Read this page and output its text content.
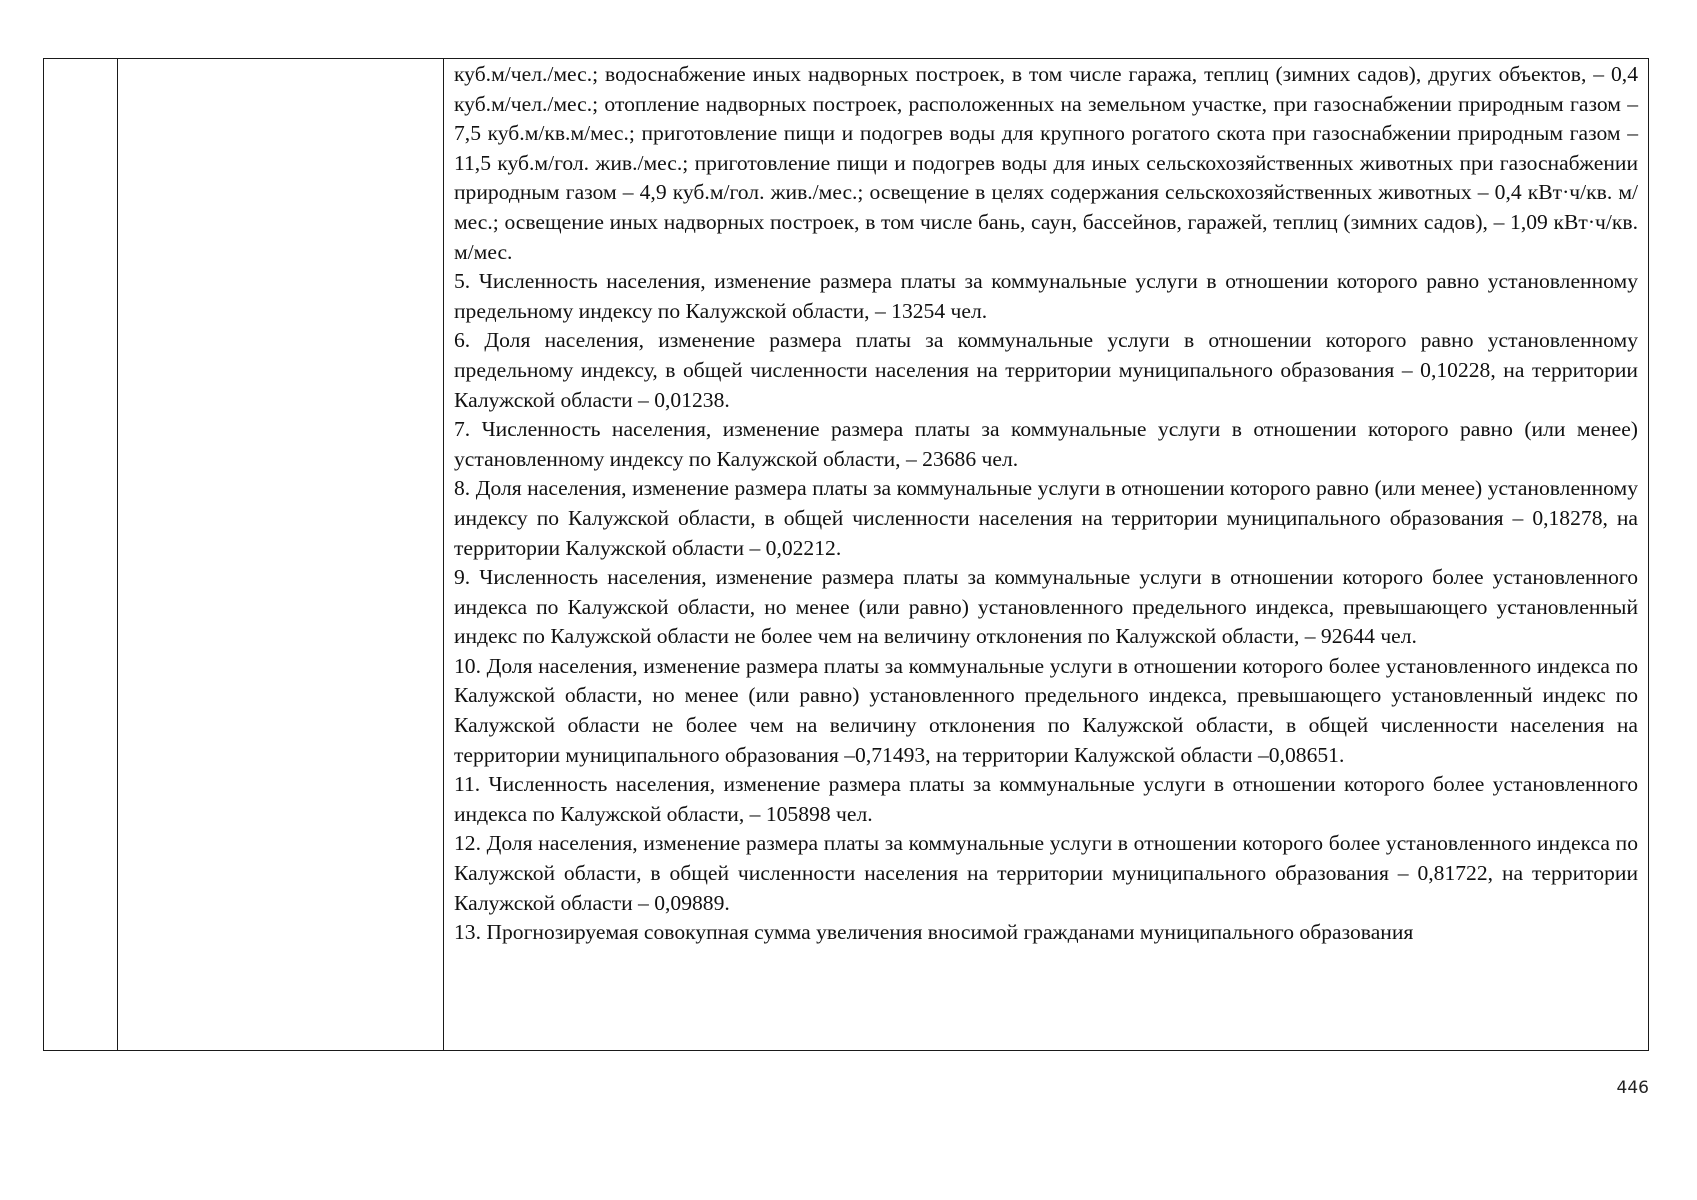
куб.м/чел./мес.; водоснабжение иных надворных построек, в том числе гаража, теплиц (зимних садов), других объектов, – 0,4 куб.м/чел./мес.; отопление надворных построек, расположенных на земельном участке, при газоснабжении природным газом – 7,5 куб.м/кв.м/мес.; приготовление пищи и подогрев воды для крупного рогатого скота при газоснабжении природным газом – 11,5 куб.м/гол. жив./мес.; приготовление пищи и подогрев воды для иных сельскохозяйственных животных при газоснабжении природным газом – 4,9 куб.м/гол. жив./мес.; освещение в целях содержания сельскохозяйственных животных – 0,4 кВт·ч/кв. м/мес.; освещение иных надворных построек, в том числе бань, саун, бассейнов, гаражей, теплиц (зимних садов), – 1,09 кВт·ч/кв. м/мес.

5. Численность населения, изменение размера платы за коммунальные услуги в отношении которого равно установленному предельному индексу по Калужской области, – 13254 чел.

6. Доля населения, изменение размера платы за коммунальные услуги в отношении которого равно установленному предельному индексу, в общей численности населения на территории муниципального образования – 0,10228, на территории Калужской области – 0,01238.

7. Численность населения, изменение размера платы за коммунальные услуги в отношении которого равно (или менее) установленному индексу по Калужской области, – 23686 чел.

8. Доля населения, изменение размера платы за коммунальные услуги в отношении которого равно (или менее) установленному индексу по Калужской области, в общей численности населения на территории муниципального образования – 0,18278, на территории Калужской области – 0,02212.

9. Численность населения, изменение размера платы за коммунальные услуги в отношении которого более установленного индекса по Калужской области, но менее (или равно) установленного предельного индекса, превышающего установленный индекс по Калужской области не более чем на величину отклонения по Калужской области, – 92644 чел.

10. Доля населения, изменение размера платы за коммунальные услуги в отношении которого более установленного индекса по Калужской области, но менее (или равно) установленного предельного индекса, превышающего установленный индекс по Калужской области не более чем на величину отклонения по Калужской области, в общей численности населения на территории муниципального образования –0,71493, на территории Калужской области –0,08651.

11. Численность населения, изменение размера платы за коммунальные услуги в отношении которого более установленного индекса по Калужской области, – 105898 чел.

12. Доля населения, изменение размера платы за коммунальные услуги в отношении которого более установленного индекса по Калужской области, в общей численности населения на территории муниципального образования – 0,81722, на территории Калужской области – 0,09889.

13. Прогнозируемая совокупная сумма увеличения вносимой гражданами муниципального образования

446
